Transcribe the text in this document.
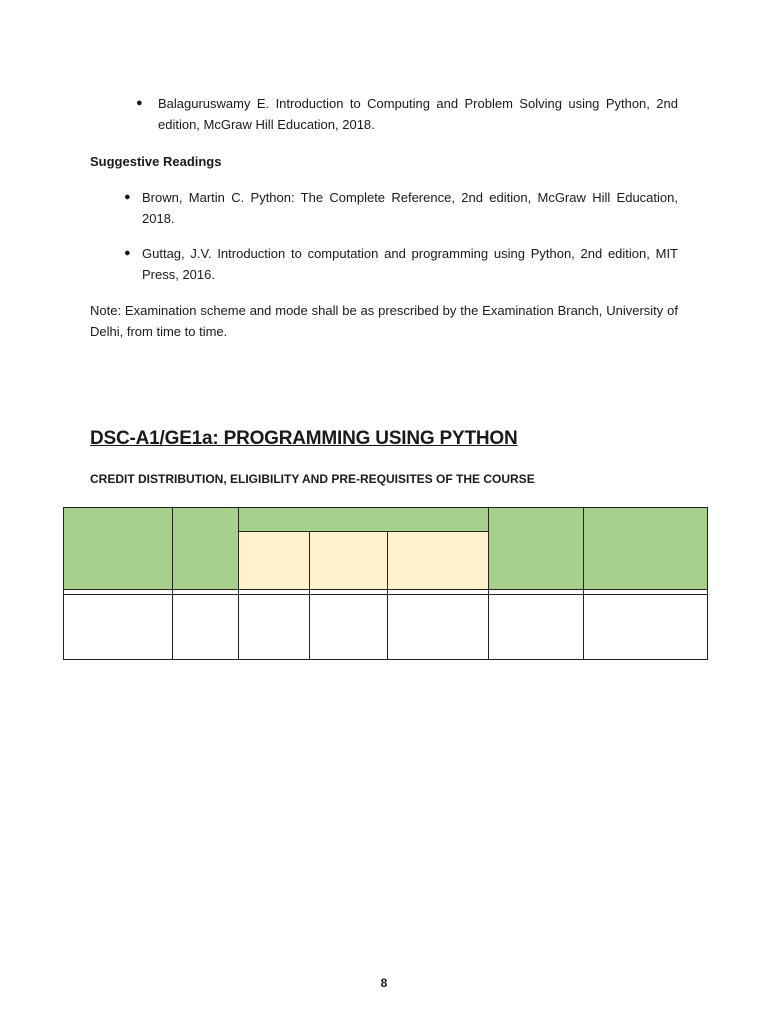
● Balaguruswamy E. Introduction to Computing and Problem Solving using Python, 2nd edition, McGraw Hill Education, 2018.
Suggestive Readings
● Brown, Martin C. Python: The Complete Reference, 2nd edition, McGraw Hill Education, 2018.
● Guttag, J.V. Introduction to computation and programming using Python, 2nd edition, MIT Press, 2016.
Note: Examination scheme and mode shall be as prescribed by the Examination Branch, University of Delhi, from time to time.
DSC-A1/GE1a: PROGRAMMING USING PYTHON
CREDIT DISTRIBUTION, ELIGIBILITY AND PRE-REQUISITES OF THE COURSE

8
